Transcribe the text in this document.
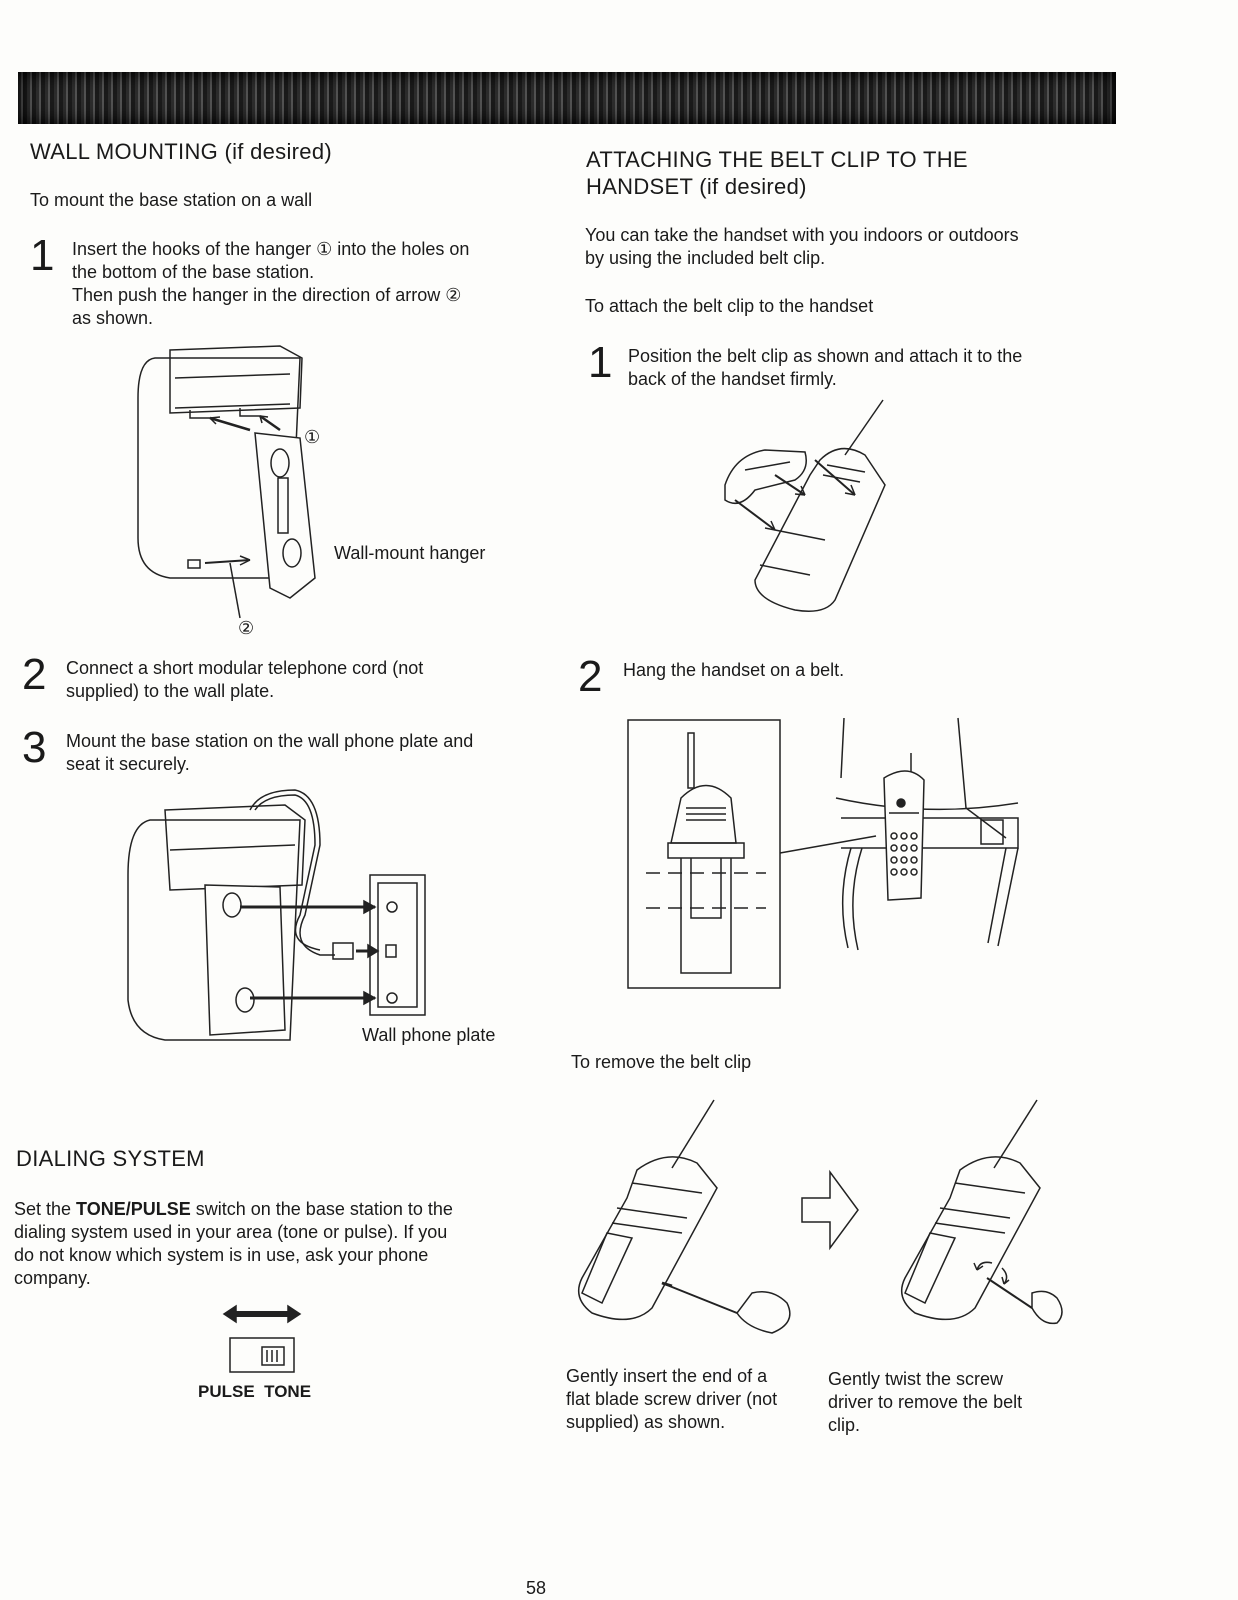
WALL MOUNTING (if desired)
To mount the base station on a wall
1 Insert the hooks of the hanger ① into the holes on
the bottom of the base station.
Then push the hanger in the direction of arrow ②
as shown.
①
②
Wall-mount hanger
2 Connect a short modular telephone cord (not
supplied) to the wall plate.
3 Mount the base station on the wall phone plate and
seat it securely.
Wall phone plate
DIALING SYSTEM
Set the TONE/PULSE switch on the base station to the
dialing system used in your area (tone or pulse). If you
do not know which system is in use, ask your phone
company.
PULSE  TONE
ATTACHING THE BELT CLIP TO THE
HANDSET (if desired)
You can take the handset with you indoors or outdoors
by using the included belt clip.
To attach the belt clip to the handset
1 Position the belt clip as shown and attach it to the
back of the handset firmly.
2 Hang the handset on a belt.
To remove the belt clip
Gently insert the end of a
flat blade screw driver (not
supplied) as shown.
Gently twist the screw
driver to remove the belt
clip.
58
